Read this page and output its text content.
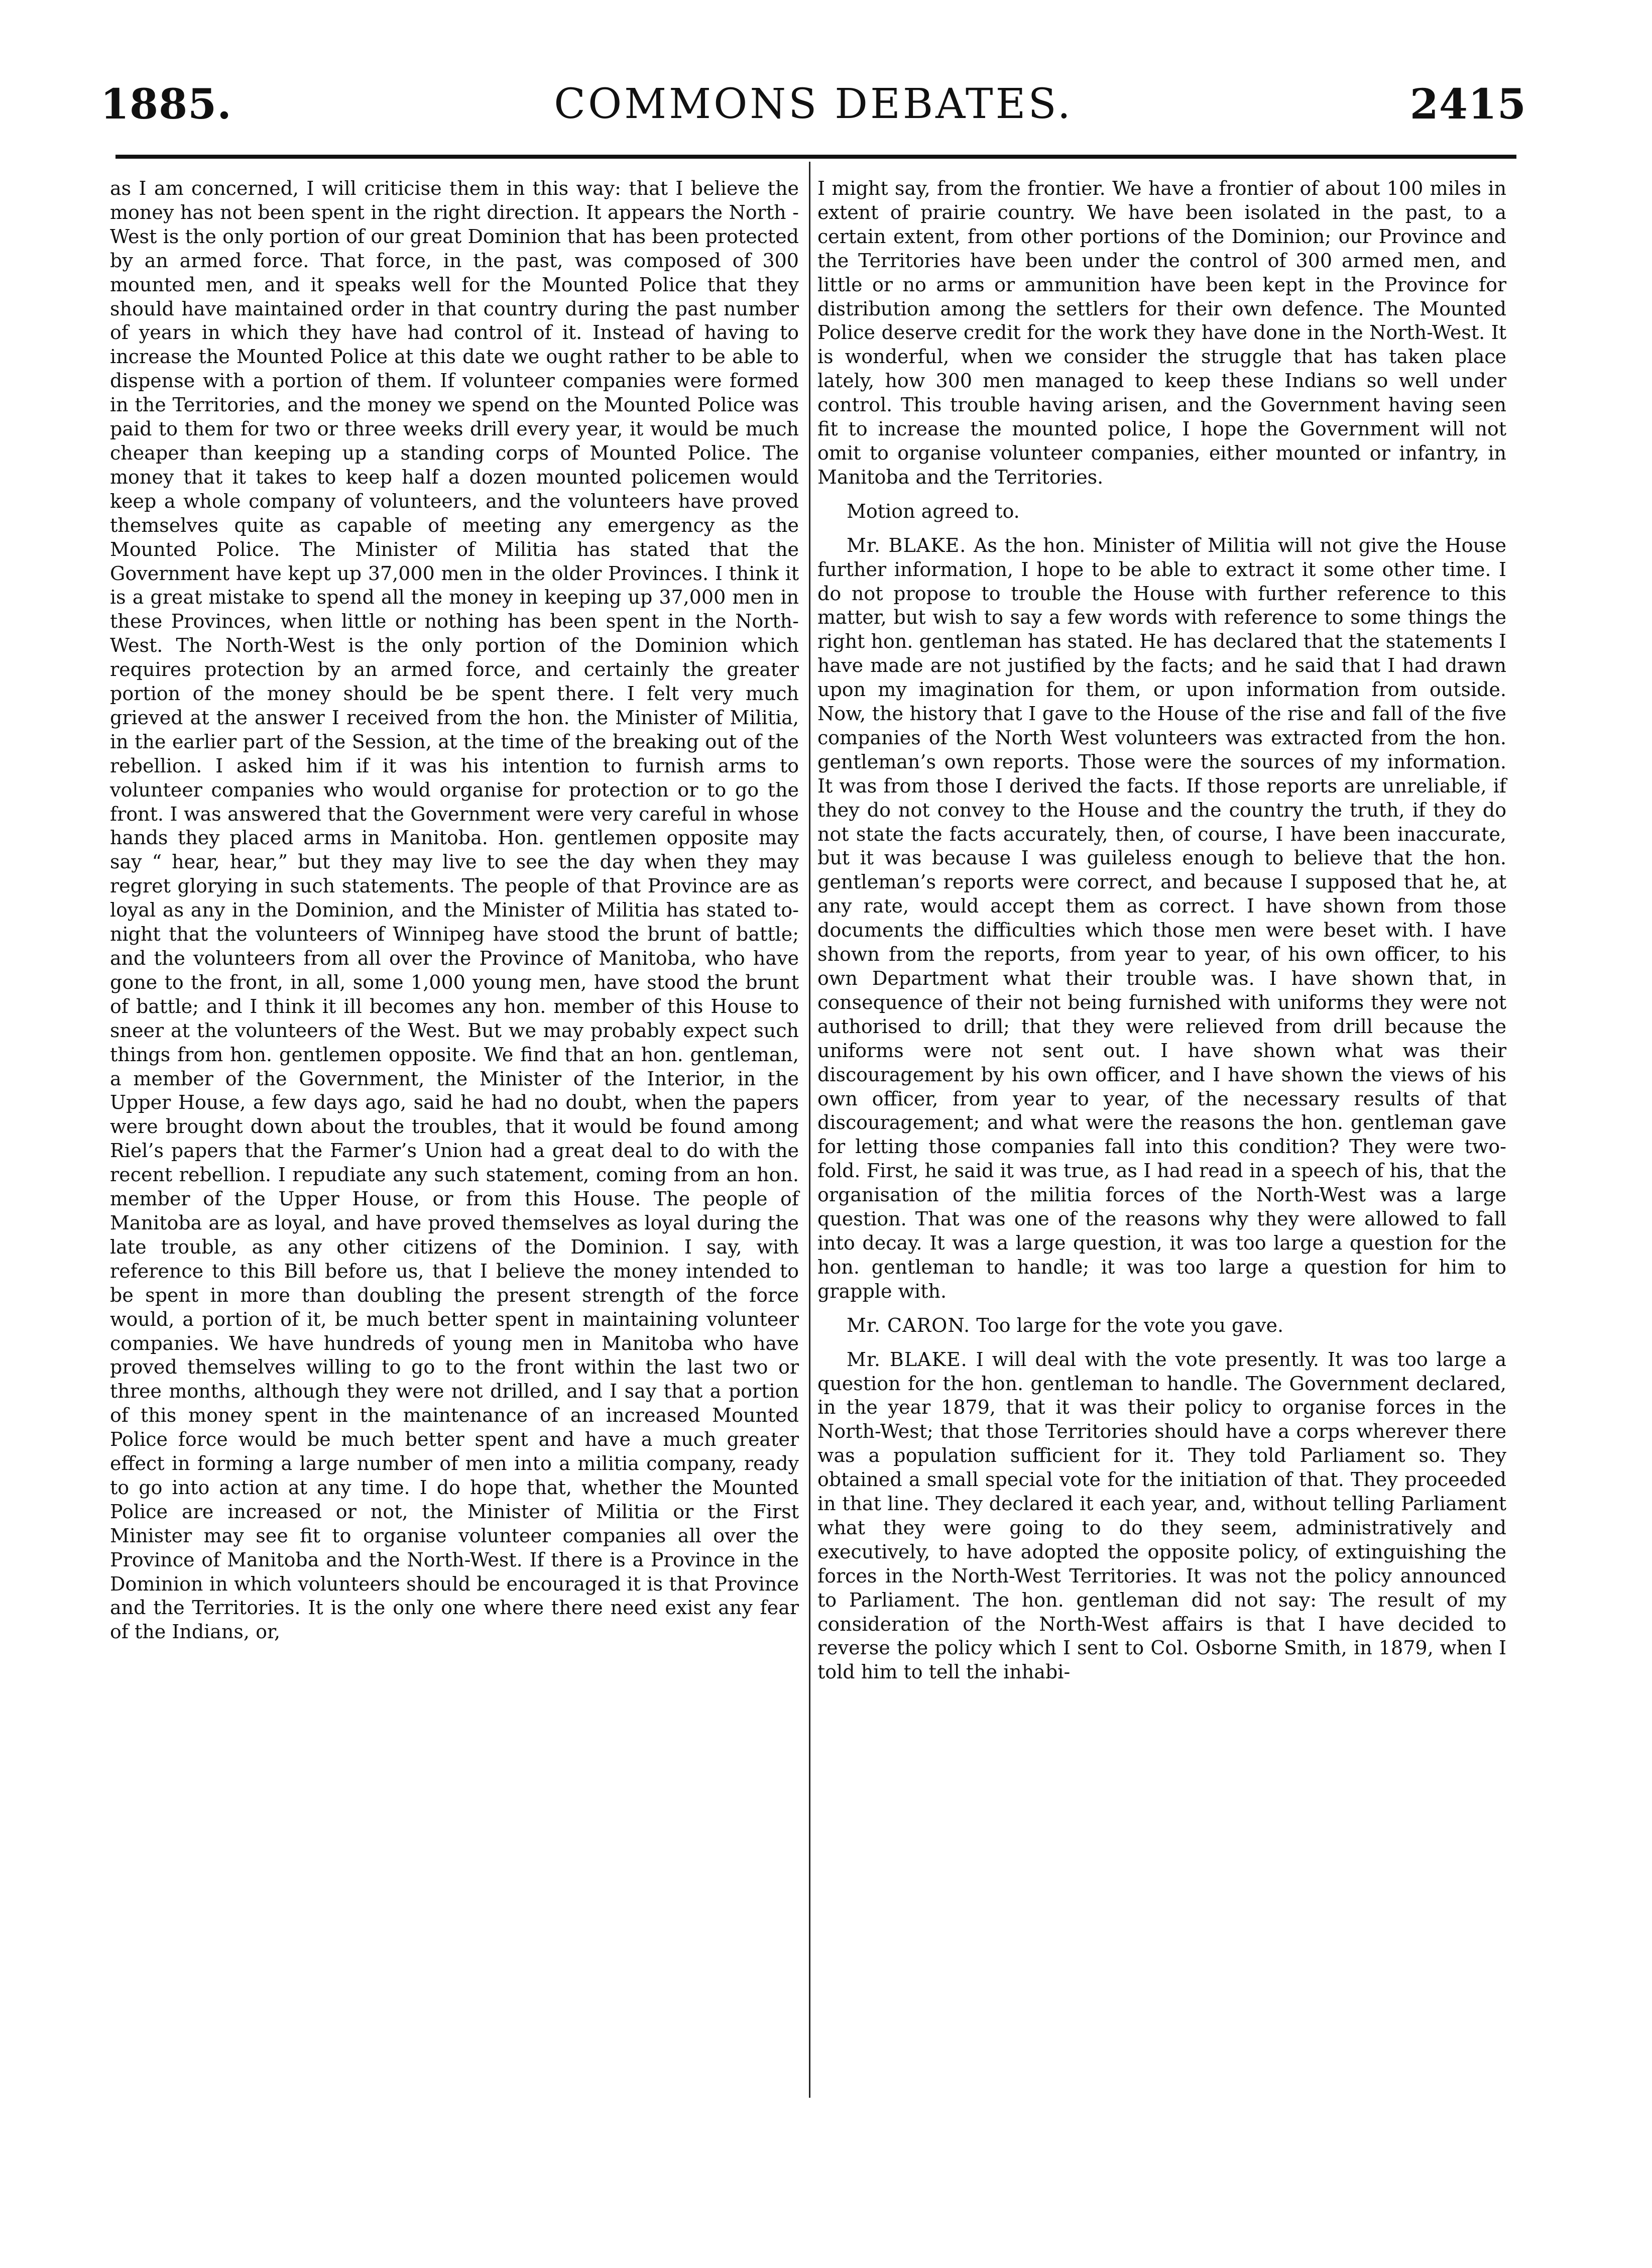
1885.	COMMONS DEBATES.	2415

as I am concerned, I will criticise them in this way: that I believe the money has not been spent in the right direction. It appears the North - West is the only portion of our great Dominion that has been protected by an armed force. That force, in the past, was composed of 300 mounted men, and it speaks well for the Mounted Police that they should have maintained order in that country during the past number of years in which they have had control of it. Instead of having to increase the Mounted Police at this date we ought rather to be able to dispense with a portion of them. If volunteer companies were formed in the Territories, and the money we spend on the Mounted Police was paid to them for two or three weeks drill every year, it would be much cheaper than keeping up a standing corps of Mounted Police. The money that it takes to keep half a dozen mounted policemen would keep a whole company of volunteers, and the volunteers have proved themselves quite as capable of meeting any emergency as the Mounted Police. The Minister of Militia has stated that the Government have kept up 37,000 men in the older Provinces. I think it is a great mistake to spend all the money in keeping up 37,000 men in these Provinces, when little or nothing has been spent in the North-West. The North-West is the only portion of the Dominion which requires protection by an armed force, and certainly the greater portion of the money should be be spent there. I felt very much grieved at the answer I received from the hon. the Minister of Militia, in the earlier part of the Session, at the time of the breaking out of the rebellion. I asked him if it was his intention to furnish arms to volunteer companies who would organise for protection or to go the front. I was answered that the Government were very careful in whose hands they placed arms in Manitoba. Hon. gentlemen opposite may say “ hear, hear,” but they may live to see the day when they may regret glorying in such statements. The people of that Province are as loyal as any in the Dominion, and the Minister of Militia has stated to-night that the volunteers of Winnipeg have stood the brunt of battle; and the volunteers from all over the Province of Manitoba, who have gone to the front, in all, some 1,000 young men, have stood the brunt of battle; and I think it ill becomes any hon. member of this House to sneer at the volunteers of the West. But we may probably expect such things from hon. gentlemen opposite. We find that an hon. gentleman, a member of the Government, the Minister of the Interior, in the Upper House, a few days ago, said he had no doubt, when the papers were brought down about the troubles, that it would be found among Riel’s papers that the Farmer’s Union had a great deal to do with the recent rebellion. I repudiate any such statement, coming from an hon. member of the Upper House, or from this House. The people of Manitoba are as loyal, and have proved themselves as loyal during the late trouble, as any other citizens of the Dominion. I say, with reference to this Bill before us, that I believe the money intended to be spent in more than doubling the present strength of the force would, a portion of it, be much better spent in maintaining volunteer companies. We have hundreds of young men in Manitoba who have proved themselves willing to go to the front within the last two or three months, although they were not drilled, and I say that a portion of this money spent in the maintenance of an increased Mounted Police force would be much better spent and have a much greater effect in forming a large number of men into a militia company, ready to go into action at any time. I do hope that, whether the Mounted Police are increased or not, the Minister of Militia or the First Minister may see fit to organise volunteer companies all over the Province of Manitoba and the North-West. If there is a Province in the Dominion in which volunteers should be encouraged it is that Province and the Territories. It is the only one where there need exist any fear of the Indians, or,

I might say, from the frontier. We have a frontier of about 100 miles in extent of prairie country. We have been isolated in the past, to a certain extent, from other portions of the Dominion; our Province and the Territories have been under the control of 300 armed men, and little or no arms or ammunition have been kept in the Province for distribution among the settlers for their own defence. The Mounted Police deserve credit for the work they have done in the North-West. It is wonderful, when we consider the struggle that has taken place lately, how 300 men managed to keep these Indians so well under control. This trouble having arisen, and the Government having seen fit to increase the mounted police, I hope the Government will not omit to organise volunteer companies, either mounted or infantry, in Manitoba and the Territories.

Motion agreed to.

Mr. BLAKE. As the hon. Minister of Militia will not give the House further information, I hope to be able to extract it some other time. I do not propose to trouble the House with further reference to this matter, but wish to say a few words with reference to some things the right hon. gentleman has stated. He has declared that the statements I have made are not justified by the facts; and he said that I had drawn upon my imagination for them, or upon information from outside. Now, the history that I gave to the House of the rise and fall of the five companies of the North West volunteers was extracted from the hon. gentleman’s own reports. Those were the sources of my information. It was from those I derived the facts. If those reports are unreliable, if they do not convey to the House and the country the truth, if they do not state the facts accurately, then, of course, I have been inaccurate, but it was because I was guileless enough to believe that the hon. gentleman’s reports were correct, and because I supposed that he, at any rate, would accept them as correct. I have shown from those documents the difficulties which those men were beset with. I have shown from the reports, from year to year, of his own officer, to his own Department what their trouble was. I have shown that, in consequence of their not being furnished with uniforms they were not authorised to drill; that they were relieved from drill because the uniforms were not sent out. I have shown what was their discouragement by his own officer, and I have shown the views of his own officer, from year to year, of the necessary results of that discouragement; and what were the reasons the hon. gentleman gave for letting those companies fall into this condition? They were two-fold. First, he said it was true, as I had read in a speech of his, that the organisation of the militia forces of the North-West was a large question. That was one of the reasons why they were allowed to fall into decay. It was a large question, it was too large a question for the hon. gentleman to handle; it was too large a question for him to grapple with.

Mr. CARON. Too large for the vote you gave.

Mr. BLAKE. I will deal with the vote presently. It was too large a question for the hon. gentleman to handle. The Government declared, in the year 1879, that it was their policy to organise forces in the North-West; that those Territories should have a corps wherever there was a population sufficient for it. They told Parliament so. They obtained a small special vote for the initiation of that. They proceeded in that line. They declared it each year, and, without telling Parliament what they were going to do they seem, administratively and executively, to have adopted the opposite policy, of extinguishing the forces in the North-West Territories. It was not the policy announced to Parliament. The hon. gentleman did not say: The result of my consideration of the North-West affairs is that I have decided to reverse the policy which I sent to Col. Osborne Smith, in 1879, when I told him to tell the inhabi-
